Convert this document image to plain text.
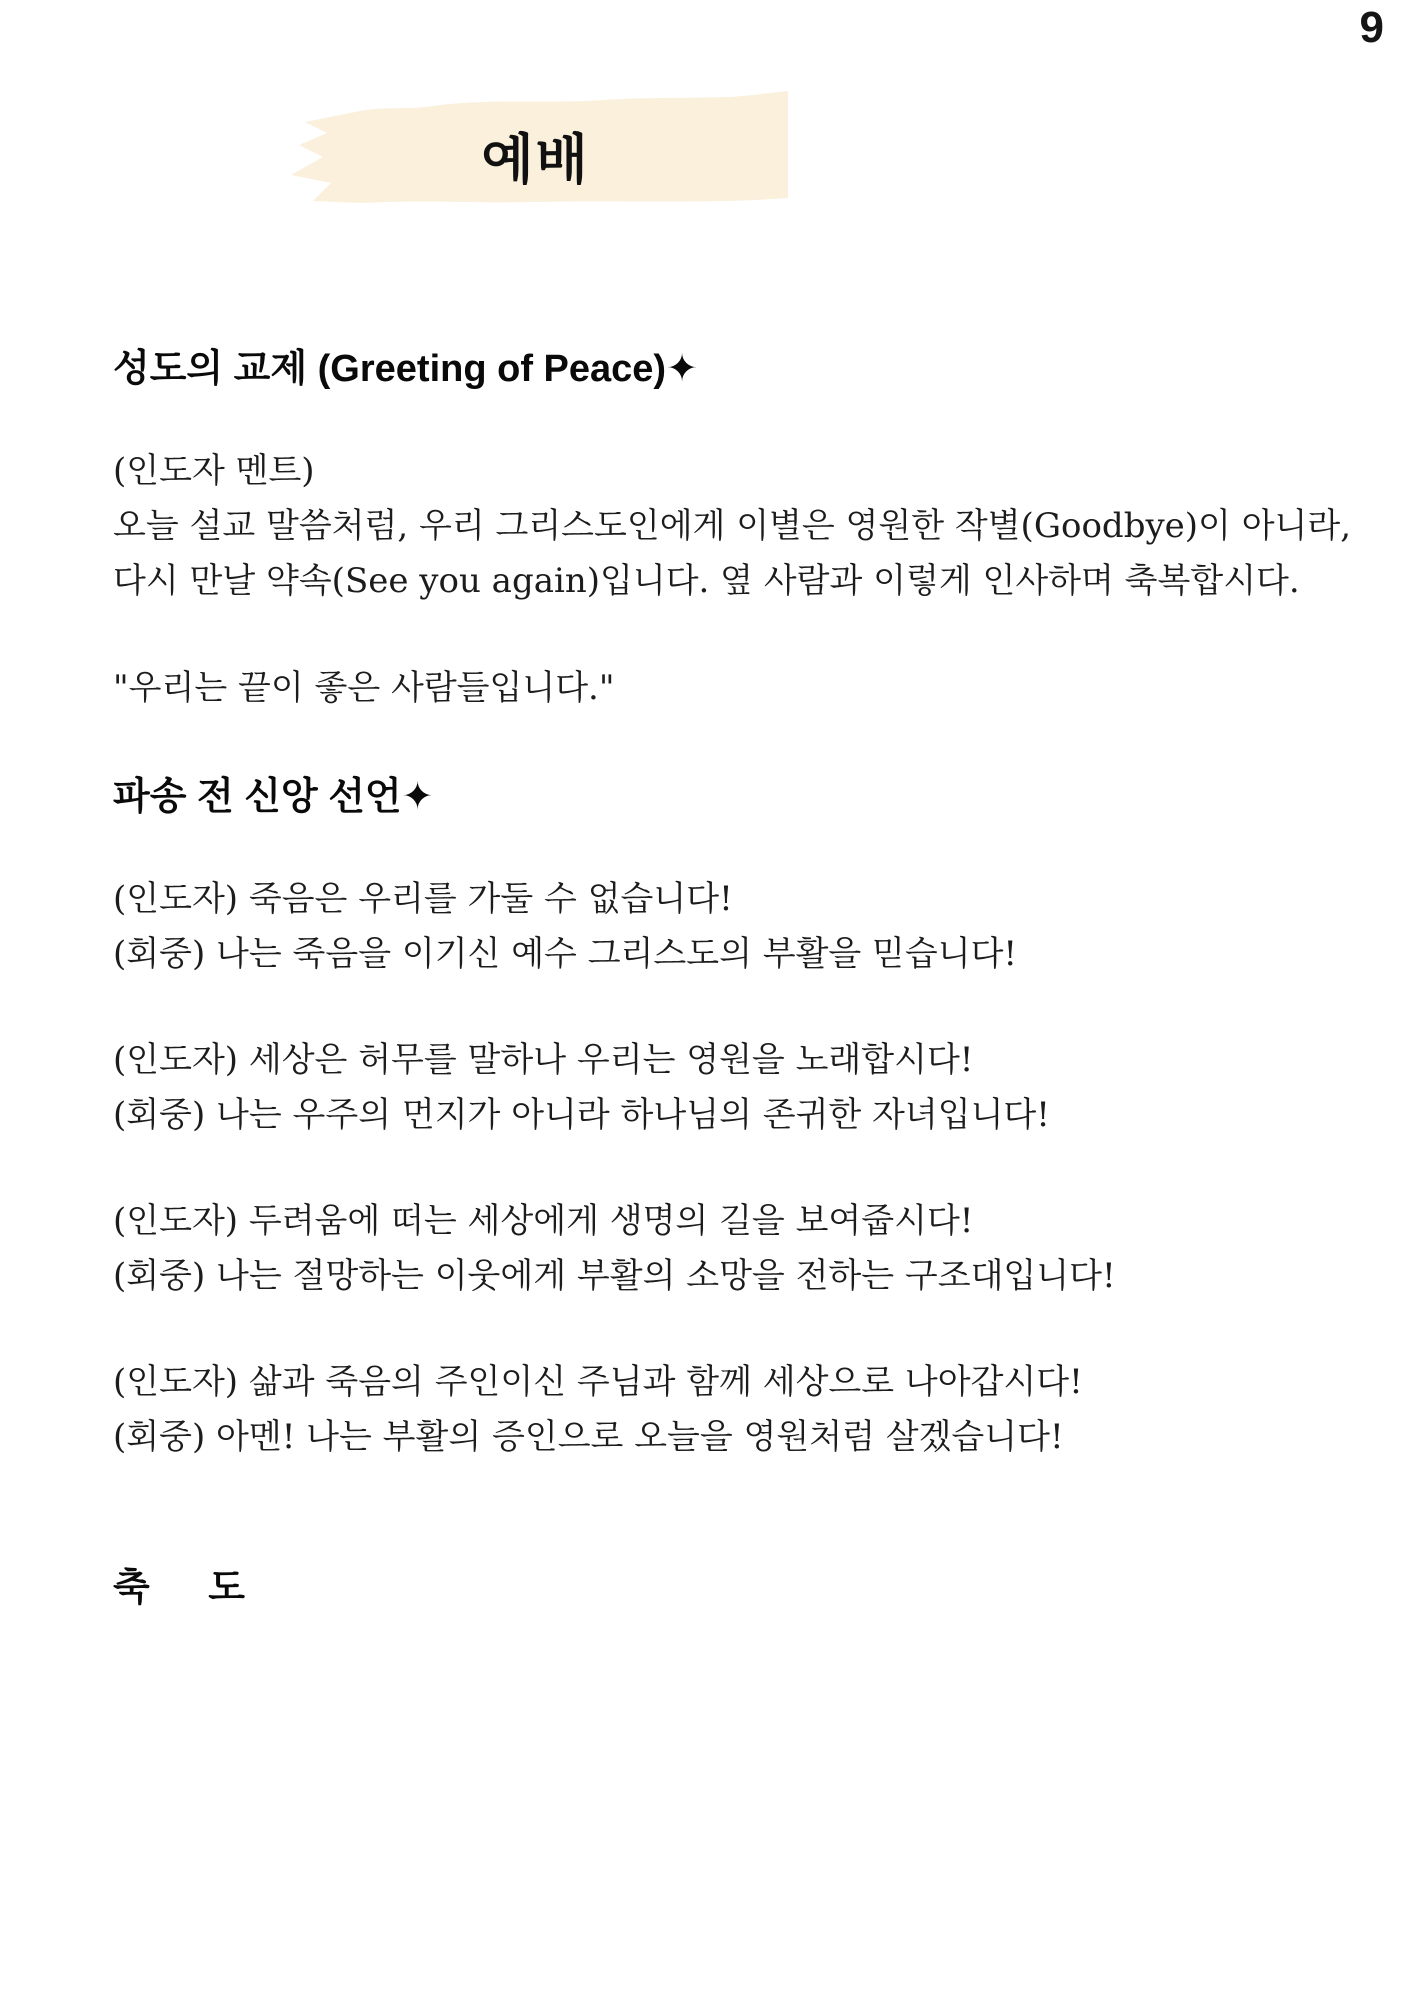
9
예배
성도의 교제 (Greeting of Peace)✦
(인도자 멘트)
오늘 설교 말씀처럼, 우리 그리스도인에게 이별은 영원한 작별(Goodbye)이 아니라,
다시 만날 약속(See you again)입니다. 옆 사람과 이렇게 인사하며 축복합시다.
"우리는 끝이 좋은 사람들입니다."
파송 전 신앙 선언✦
(인도자) 죽음은 우리를 가둘 수 없습니다!
(회중) 나는 죽음을 이기신 예수 그리스도의 부활을 믿습니다!
(인도자) 세상은 허무를 말하나 우리는 영원을 노래합시다!
(회중) 나는 우주의 먼지가 아니라 하나님의 존귀한 자녀입니다!
(인도자) 두려움에 떠는 세상에게 생명의 길을 보여줍시다!
(회중) 나는 절망하는 이웃에게 부활의 소망을 전하는 구조대입니다!
(인도자) 삶과 죽음의 주인이신 주님과 함께 세상으로 나아갑시다!
(회중) 아멘! 나는 부활의 증인으로 오늘을 영원처럼 살겠습니다!
축 도
